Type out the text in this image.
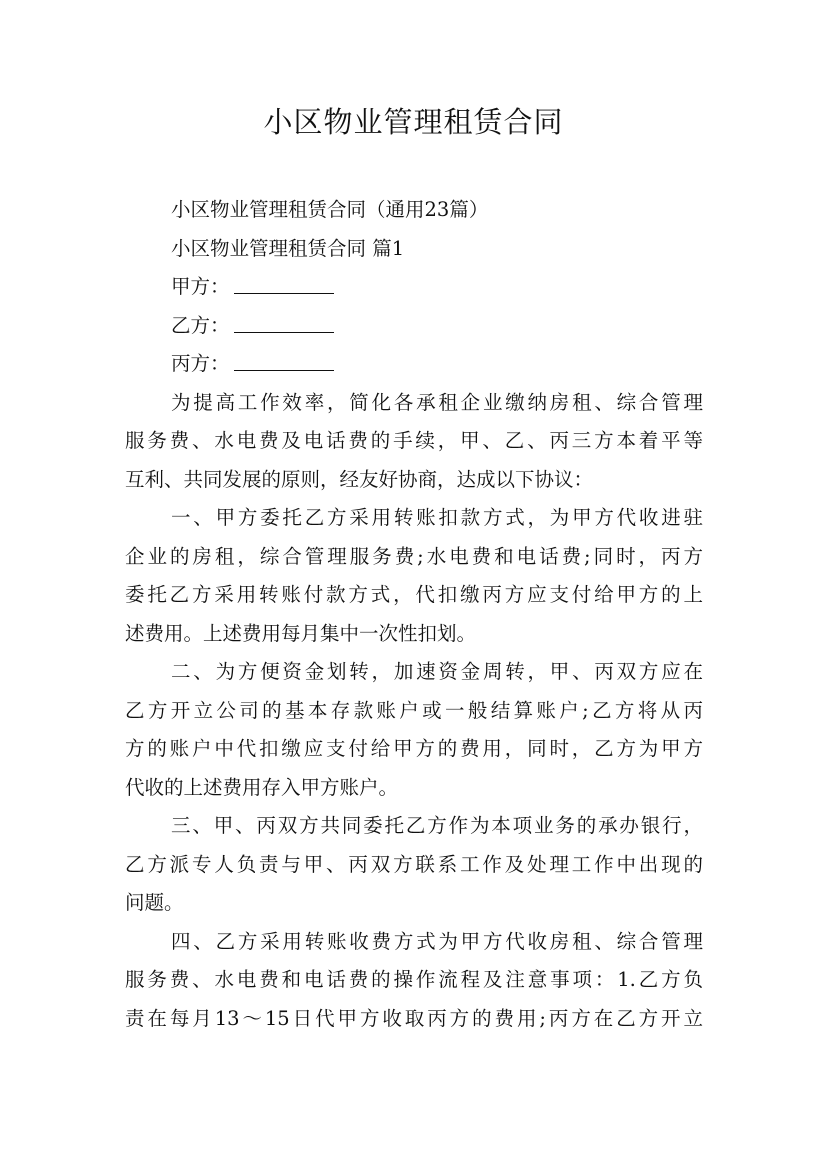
小区物业管理租赁合同
小区物业管理租赁合同（通用23篇）
小区物业管理租赁合同 篇1
甲方：
乙方：
丙方：
为提高工作效率，简化各承租企业缴纳房租、综合管理
服务费、水电费及电话费的手续，甲、乙、丙三方本着平等
互利、共同发展的原则，经友好协商，达成以下协议：
一、甲方委托乙方采用转账扣款方式，为甲方代收进驻
企业的房租，综合管理服务费;水电费和电话费;同时，丙方
委托乙方采用转账付款方式，代扣缴丙方应支付给甲方的上
述费用。上述费用每月集中一次性扣划。
二、为方便资金划转，加速资金周转，甲、丙双方应在
乙方开立公司的基本存款账户或一般结算账户;乙方将从丙
方的账户中代扣缴应支付给甲方的费用，同时，乙方为甲方
代收的上述费用存入甲方账户。
三、甲、丙双方共同委托乙方作为本项业务的承办银行，
乙方派专人负责与甲、丙双方联系工作及处理工作中出现的
问题。
四、乙方采用转账收费方式为甲方代收房租、综合管理
服务费、水电费和电话费的操作流程及注意事项：1.乙方负
责在每月13～15日代甲方收取丙方的费用;丙方在乙方开立
